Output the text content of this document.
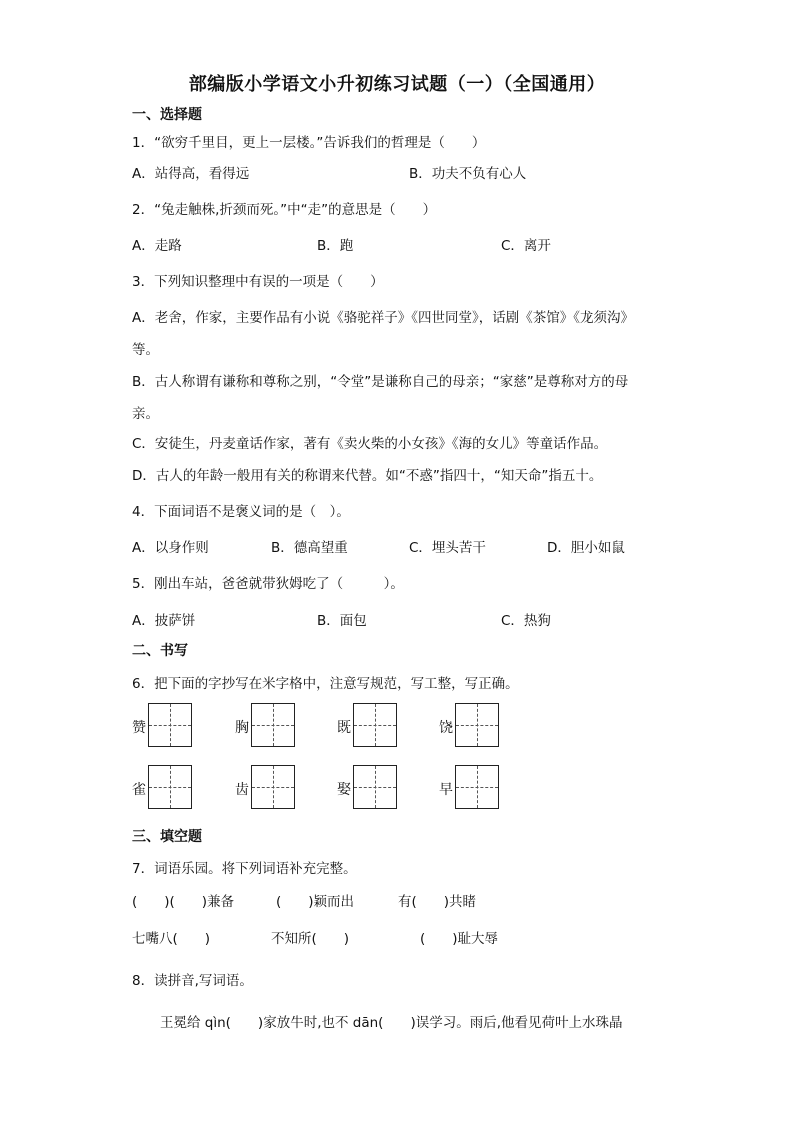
部编版小学语文小升初练习试题（一）（全国通用）
一、选择题
1．“欲穷千里目，更上一层楼。”告诉我们的哲理是（　　）
A．站得高，看得远	B．功夫不负有心人
2．“兔走触株,折颈而死。”中“走”的意思是（　　）
A．走路	B．跑	C．离开
3．下列知识整理中有误的一项是（　　）
A．老舍，作家，主要作品有小说《骆驼祥子》《四世同堂》，话剧《茶馆》《龙须沟》
等。
B．古人称谓有谦称和尊称之别，“令堂”是谦称自己的母亲；“家慈”是尊称对方的母
亲。
C．安徒生，丹麦童话作家，著有《卖火柴的小女孩》《海的女儿》等童话作品。
D．古人的年龄一般用有关的称谓来代替。如“不惑”指四十，“知天命”指五十。
4．下面词语不是褒义词的是（　）。
A．以身作则	B．德高望重	C．埋头苦干	D．胆小如鼠
5．刚出车站，爸爸就带狄姆吃了（　　　）。
A．披萨饼	B．面包	C．热狗
二、书写
6．把下面的字抄写在米字格中，注意写规范，写工整，写正确。
赞	胸	既	饶
雀	齿	娶	早
三、填空题
7．词语乐园。将下列词语补充完整。
(　　)(　　)兼备	(　　)颖而出	有(　　)共睹
七嘴八(　　)	不知所(　　)	(　　)耻大辱
8．读拼音,写词语。
王冕给 qìn(　　)家放牛时,也不 dān(　　)误学习。雨后,他看见荷叶上水珠晶
